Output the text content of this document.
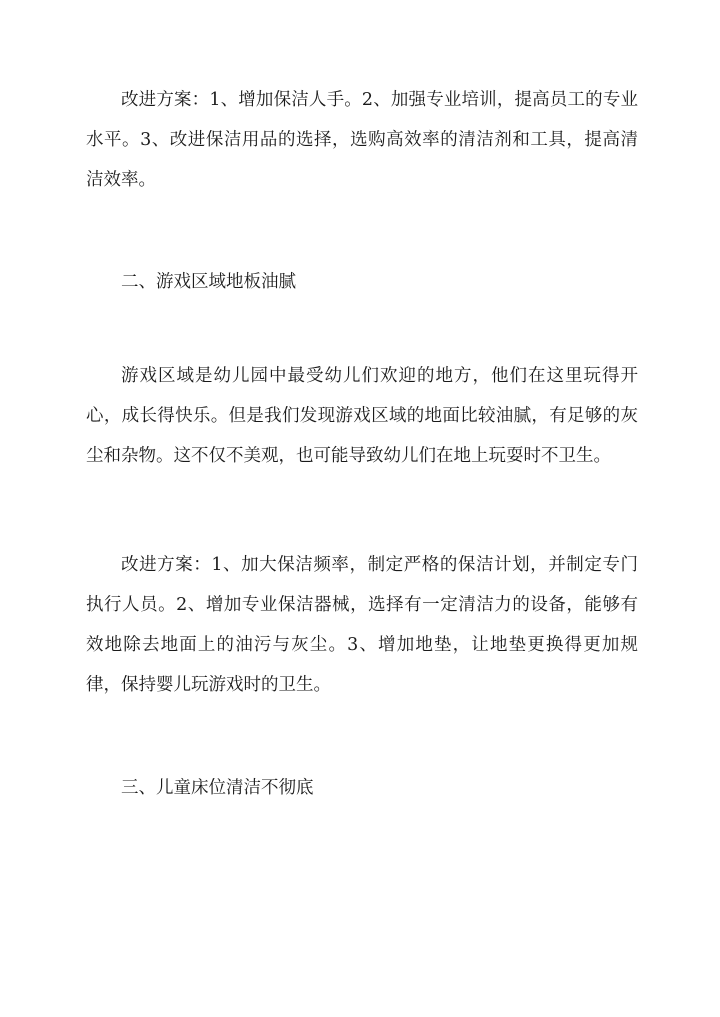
改进方案：1、增加保洁人手。2、加强专业培训，提高员工的专业水平。3、改进保洁用品的选择，选购高效率的清洁剂和工具，提高清洁效率。

二、游戏区域地板油腻

游戏区域是幼儿园中最受幼儿们欢迎的地方，他们在这里玩得开心，成长得快乐。但是我们发现游戏区域的地面比较油腻，有足够的灰尘和杂物。这不仅不美观，也可能导致幼儿们在地上玩耍时不卫生。

改进方案：1、加大保洁频率，制定严格的保洁计划，并制定专门执行人员。2、增加专业保洁器械，选择有一定清洁力的设备，能够有效地除去地面上的油污与灰尘。3、增加地垫，让地垫更换得更加规律，保持婴儿玩游戏时的卫生。

三、儿童床位清洁不彻底
